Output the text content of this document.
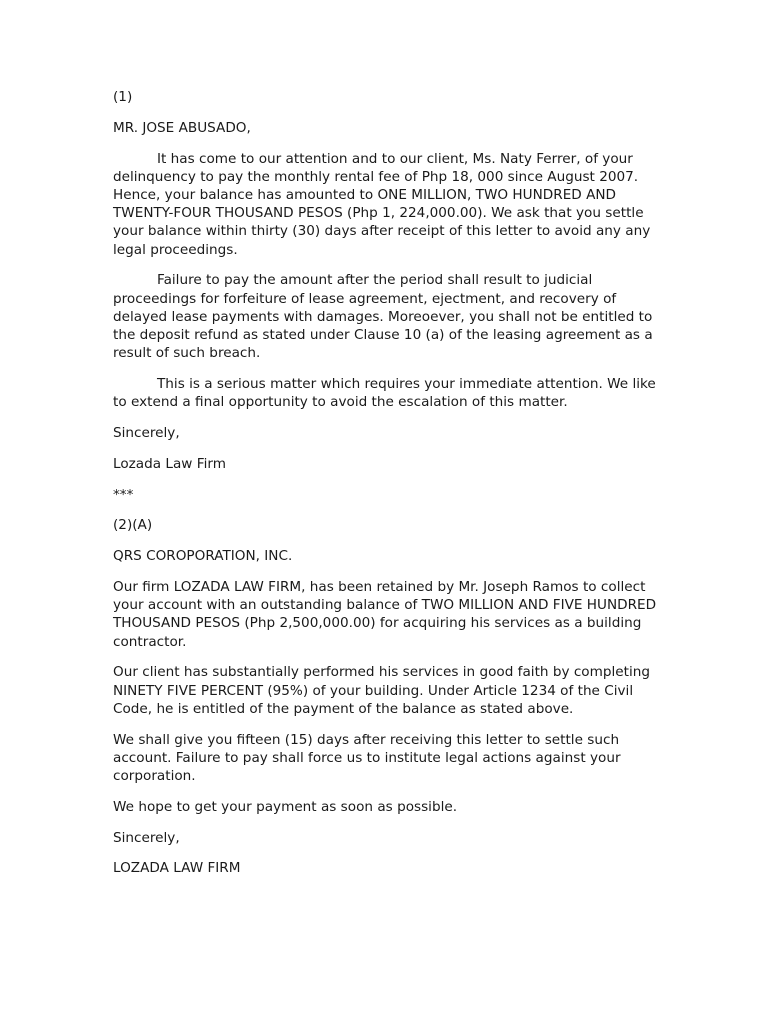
(1)

MR. JOSE ABUSADO,

It has come to our attention and to our client, Ms. Naty Ferrer, of your delinquency to pay the monthly rental fee of Php 18, 000 since August 2007. Hence, your balance has amounted to ONE MILLION, TWO HUNDRED AND TWENTY-FOUR THOUSAND PESOS (Php 1, 224,000.00). We ask that you settle your balance within thirty (30) days after receipt of this letter to avoid any any legal proceedings.

Failure to pay the amount after the period shall result to judicial proceedings for forfeiture of lease agreement, ejectment, and recovery of delayed lease payments with damages. Moreoever, you shall not be entitled to the deposit refund as stated under Clause 10 (a) of the leasing agreement as a result of such breach.

This is a serious matter which requires your immediate attention. We like to extend a final opportunity to avoid the escalation of this matter.

Sincerely,

Lozada Law Firm

***

(2)(A)

QRS COROPORATION, INC.

Our firm LOZADA LAW FIRM, has been retained by Mr. Joseph Ramos to collect your account with an outstanding balance of TWO MILLION AND FIVE HUNDRED THOUSAND PESOS (Php 2,500,000.00) for acquiring his services as a building contractor.

Our client has substantially performed his services in good faith by completing NINETY FIVE PERCENT (95%) of your building. Under Article 1234 of the Civil Code, he is entitled of the payment of the balance as stated above.

We shall give you fifteen (15) days after receiving this letter to settle such account. Failure to pay shall force us to institute legal actions against your corporation.

We hope to get your payment as soon as possible.

Sincerely,

LOZADA LAW FIRM
